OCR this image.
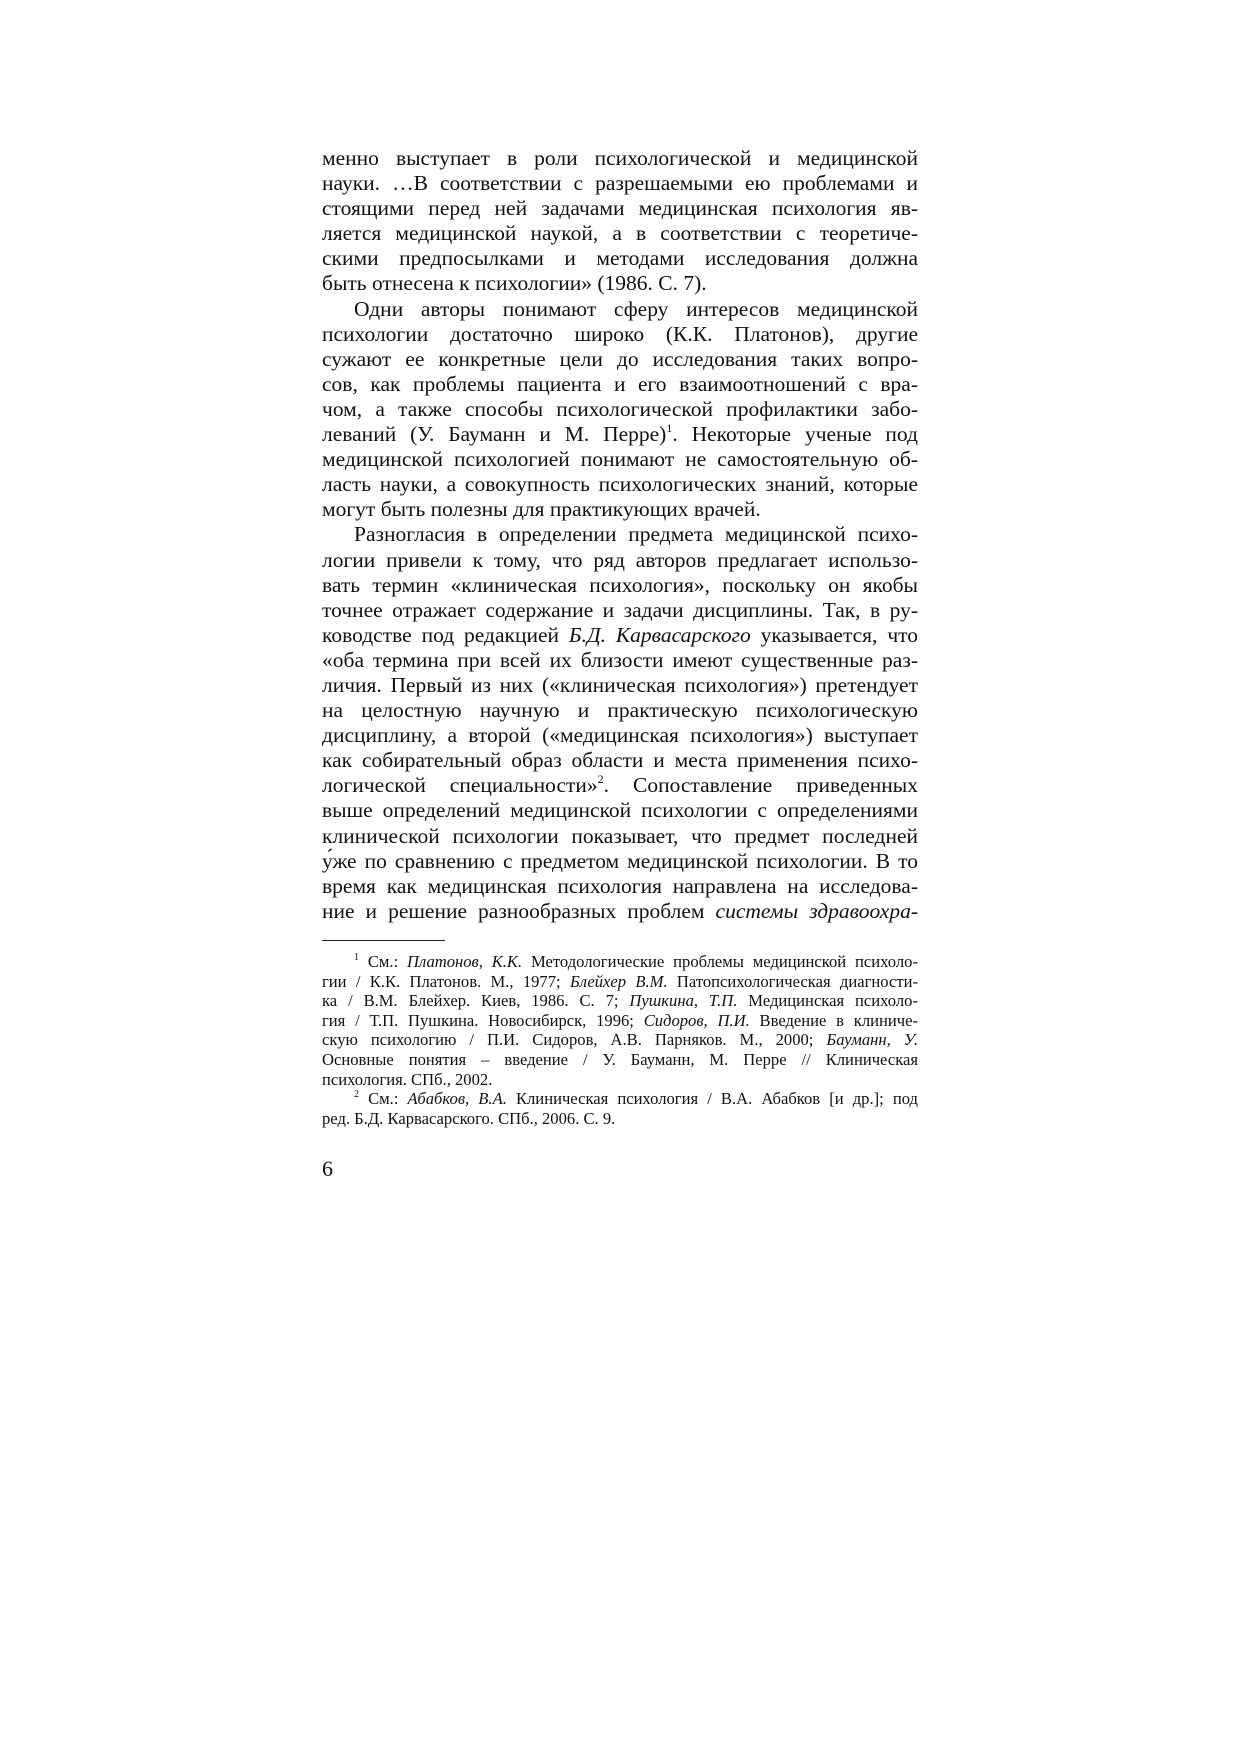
менно выступает в роли психологической и медицинской
науки. …В соответствии с разрешаемыми ею проблемами и
стоящими перед ней задачами медицинская психология яв-
ляется медицинской наукой, а в соответствии с теоретиче-
скими предпосылками и методами исследования должна
быть отнесена к психологии» (1986. С. 7).
Одни авторы понимают сферу интересов медицинской
психологии достаточно широко (К.К. Платонов), другие
сужают ее конкретные цели до исследования таких вопро-
сов, как проблемы пациента и его взаимоотношений с вра-
чом, а также способы психологической профилактики забо-
леваний (У. Бауманн и М. Перре)$^1$. Некоторые ученые под
медицинской психологией понимают не самостоятельную об-
ласть науки, а совокупность психологических знаний, которые
могут быть полезны для практикующих врачей.
Разногласия в определении предмета медицинской психо-
логии привели к тому, что ряд авторов предлагает использо-
вать термин «клиническая психология», поскольку он якобы
точнее отражает содержание и задачи дисциплины. Так, в ру-
ководстве под редакцией Б.Д. Карвасарского указывается, что
«оба термина при всей их близости имеют существенные раз-
личия. Первый из них («клиническая психология») претендует
на целостную научную и практическую психологическую
дисциплину, а второй («медицинская психология») выступает
как собирательный образ области и места применения психо-
логической специальности»$^2$. Сопоставление приведенных
выше определений медицинской психологии с определениями
клинической психологии показывает, что предмет последней
у́же по сравнению с предметом медицинской психологии. В то
время как медицинская психология направлена на исследова-
ние и решение разнообразных проблем системы здравоохра-
$^1$ См.: Платонов, К.К. Методологические проблемы медицинской психоло-
гии / К.К. Платонов. М., 1977; Блейхер В.М. Патопсихологическая диагности-
ка / В.М. Блейхер. Киев, 1986. С. 7; Пушкина, Т.П. Медицинская психоло-
гия / Т.П. Пушкина. Новосибирск, 1996; Сидоров, П.И. Введение в клиниче-
скую психологию / П.И. Сидоров, А.В. Парняков. М., 2000; Бауманн, У.
Основные понятия – введение / У. Бауманн, М. Перре // Клиническая
психология. СПб., 2002.
$^2$ См.: Абабков, В.А. Клиническая психология / В.А. Абабков [и др.]; под
ред. Б.Д. Карвасарского. СПб., 2006. С. 9.
6
